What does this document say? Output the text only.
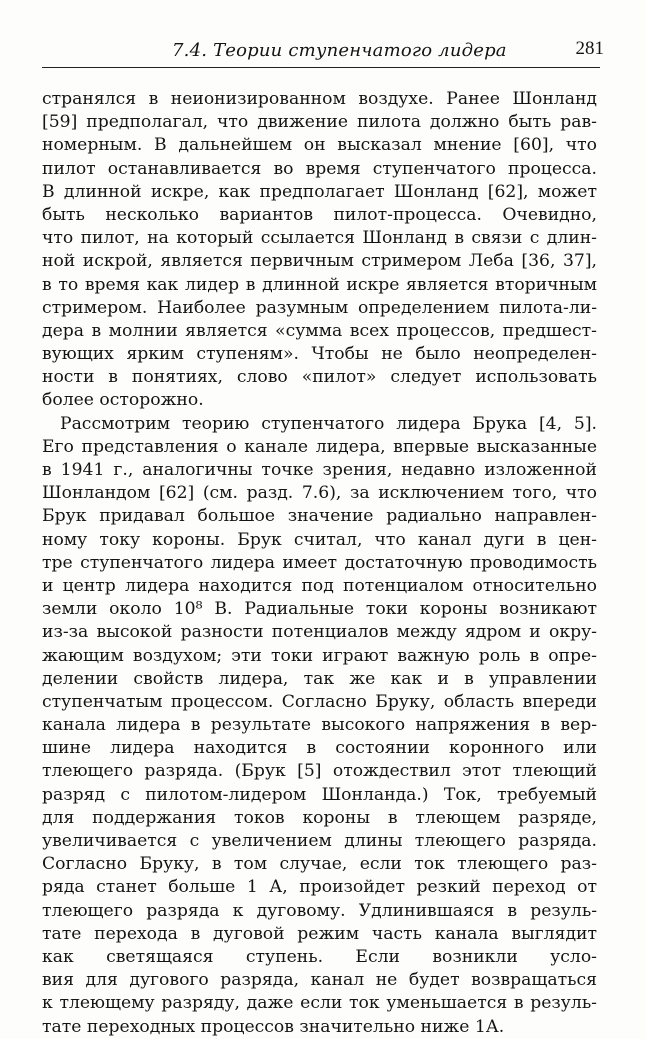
7.4. Теории ступенчатого лидера	281
странялся в неионизированном воздухе. Ранее Шонланд
[59] предполагал, что движение пилота должно быть рав-
номерным. В дальнейшем он высказал мнение [60], что
пилот останавливается во время ступенчатого процесса.
В длинной искре, как предполагает Шонланд [62], может
быть несколько вариантов пилот-процесса. Очевидно,
что пилот, на который ссылается Шонланд в связи с длин-
ной искрой, является первичным стримером Леба [36, 37],
в то время как лидер в длинной искре является вторичным
стримером. Наиболее разумным определением пилота-ли-
дера в молнии является «сумма всех процессов, предшест-
вующих ярким ступеням». Чтобы не было неопределен-
ности в понятиях, слово «пилот» следует использовать
более осторожно.
Рассмотрим теорию ступенчатого лидера Брука [4, 5].
Его представления о канале лидера, впервые высказанные
в 1941 г., аналогичны точке зрения, недавно изложенной
Шонландом [62] (см. разд. 7.6), за исключением того, что
Брук придавал большое значение радиально направлен-
ному току короны. Брук считал, что канал дуги в цен-
тре ступенчатого лидера имеет достаточную проводимость
и центр лидера находится под потенциалом относительно
земли около 10⁸ В. Радиальные токи короны возникают
из-за высокой разности потенциалов между ядром и окру-
жающим воздухом; эти токи играют важную роль в опре-
делении свойств лидера, так же как и в управлении
ступенчатым процессом. Согласно Бруку, область впереди
канала лидера в результате высокого напряжения в вер-
шине лидера находится в состоянии коронного или
тлеющего разряда. (Брук [5] отождествил этот тлеющий
разряд с пилотом-лидером Шонланда.) Ток, требуемый
для поддержания токов короны в тлеющем разряде,
увеличивается с увеличением длины тлеющего разряда.
Согласно Бруку, в том случае, если ток тлеющего раз-
ряда станет больше 1 А, произойдет резкий переход от
тлеющего разряда к дуговому. Удлинившаяся в резуль-
тате перехода в дуговой режим часть канала выглядит
как светящаяся ступень. Если возникли усло-
вия для дугового разряда, канал не будет возвращаться
к тлеющему разряду, даже если ток уменьшается в резуль-
тате переходных процессов значительно ниже 1А.
